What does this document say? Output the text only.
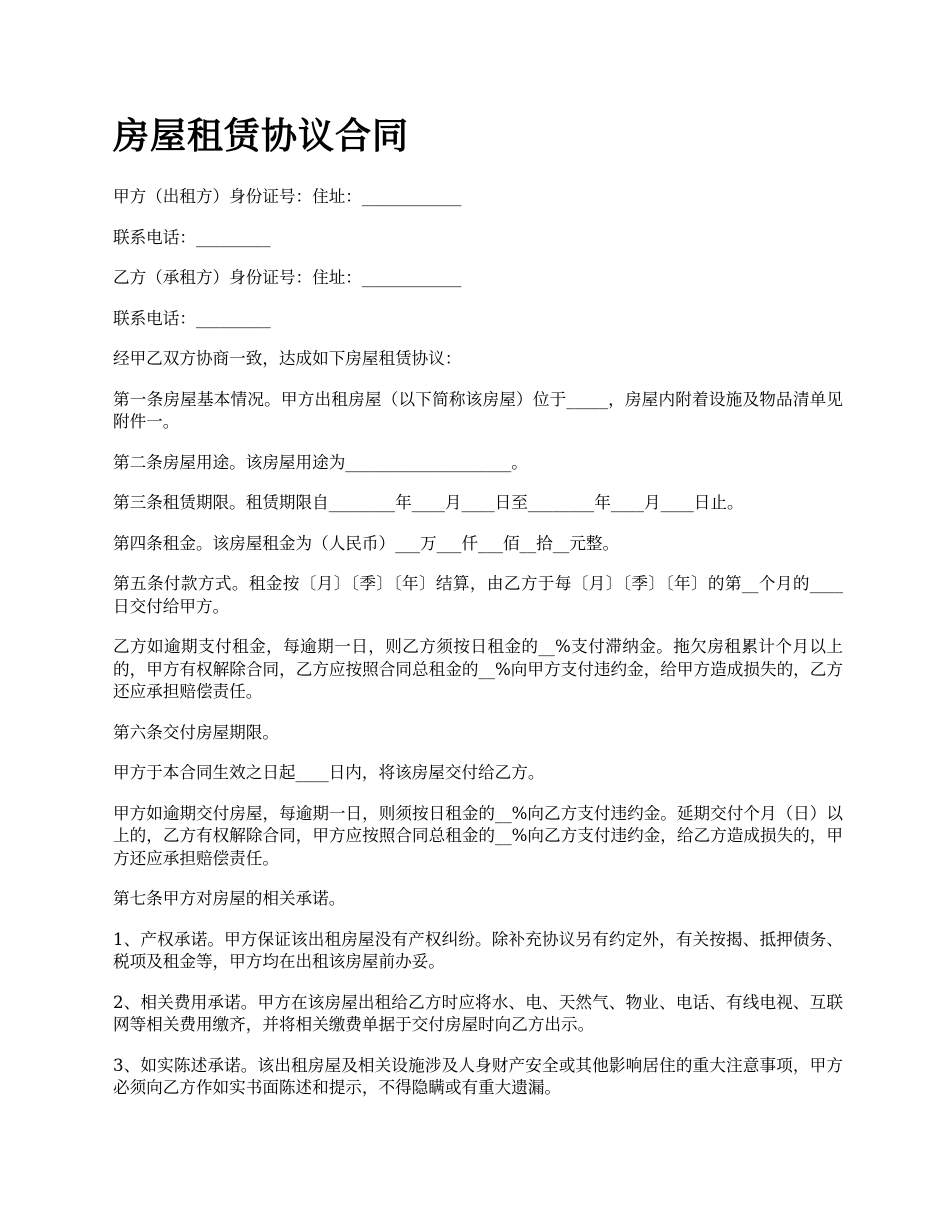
房屋租赁协议合同

甲方（出租方）身份证号：住址：____________

联系电话：_________

乙方（承租方）身份证号：住址：____________

联系电话：_________

经甲乙双方协商一致，达成如下房屋租赁协议：

第一条房屋基本情况。甲方出租房屋（以下简称该房屋）位于_____，房屋内附着设施及物品清单见附件一。

第二条房屋用途。该房屋用途为____________________。

第三条租赁期限。租赁期限自________年____月____日至________年____月____日止。

第四条租金。该房屋租金为（人民币）___万___仟___佰__拾__元整。

第五条付款方式。租金按〔月〕〔季〕〔年〕结算，由乙方于每〔月〕〔季〕〔年〕的第__个月的____日交付给甲方。

乙方如逾期支付租金，每逾期一日，则乙方须按日租金的__%支付滞纳金。拖欠房租累计个月以上的，甲方有权解除合同，乙方应按照合同总租金的__%向甲方支付违约金，给甲方造成损失的，乙方还应承担赔偿责任。

第六条交付房屋期限。

甲方于本合同生效之日起____日内，将该房屋交付给乙方。

甲方如逾期交付房屋，每逾期一日，则须按日租金的__%向乙方支付违约金。延期交付个月（日）以上的，乙方有权解除合同，甲方应按照合同总租金的__%向乙方支付违约金，给乙方造成损失的，甲方还应承担赔偿责任。

第七条甲方对房屋的相关承诺。

1、产权承诺。甲方保证该出租房屋没有产权纠纷。除补充协议另有约定外，有关按揭、抵押债务、税项及租金等，甲方均在出租该房屋前办妥。

2、相关费用承诺。甲方在该房屋出租给乙方时应将水、电、天然气、物业、电话、有线电视、互联网等相关费用缴齐，并将相关缴费单据于交付房屋时向乙方出示。

3、如实陈述承诺。该出租房屋及相关设施涉及人身财产安全或其他影响居住的重大注意事项，甲方必须向乙方作如实书面陈述和提示，不得隐瞒或有重大遗漏。
